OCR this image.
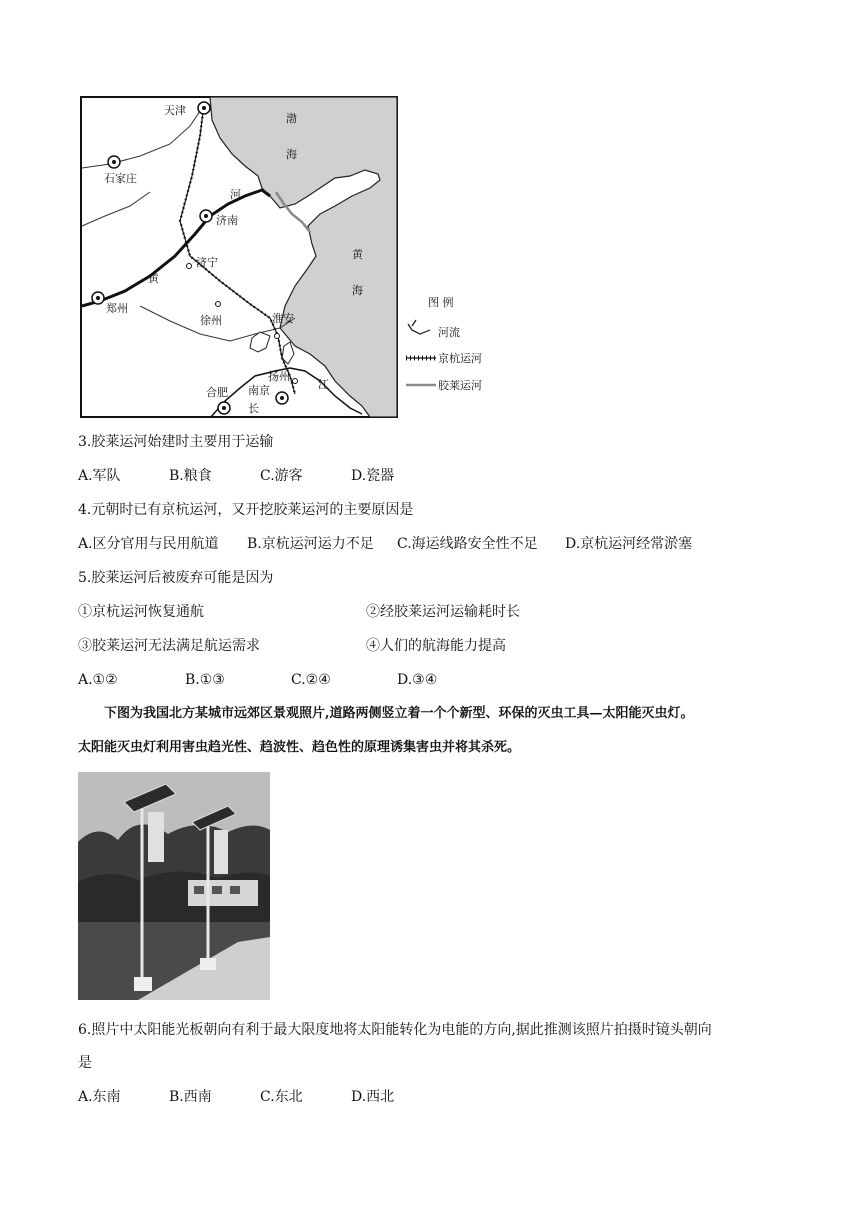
天津
石家庄
济南
济宁
郑州
徐州	淮安
扬州
南京
合肥
渤
海
黄
海
黄
河
长
江
图 例
河流
京杭运河
胶莱运河
3.胶莱运河始建时主要用于运输
A.军队	B.粮食	C.游客	D.瓷器
4.元朝时已有京杭运河，又开挖胶莱运河的主要原因是
A.区分官用与民用航道 B.京杭运河运力不足 C.海运线路安全性不足 D.京杭运河经常淤塞
5.胶莱运河后被废弃可能是因为
①京杭运河恢复通航	②经胶莱运河运输耗时长
③胶莱运河无法满足航运需求	④人们的航海能力提高
A.①②	B.①③	C.②④	D.③④
下图为我国北方某城市远郊区景观照片,道路两侧竖立着一个个新型、环保的灭虫工具—太阳能灭虫灯。
太阳能灭虫灯利用害虫趋光性、趋波性、趋色性的原理诱集害虫并将其杀死。
6.照片中太阳能光板朝向有利于最大限度地将太阳能转化为电能的方向,据此推测该照片拍摄时镜头朝向
是
A.东南	B.西南	C.东北	D.西北
